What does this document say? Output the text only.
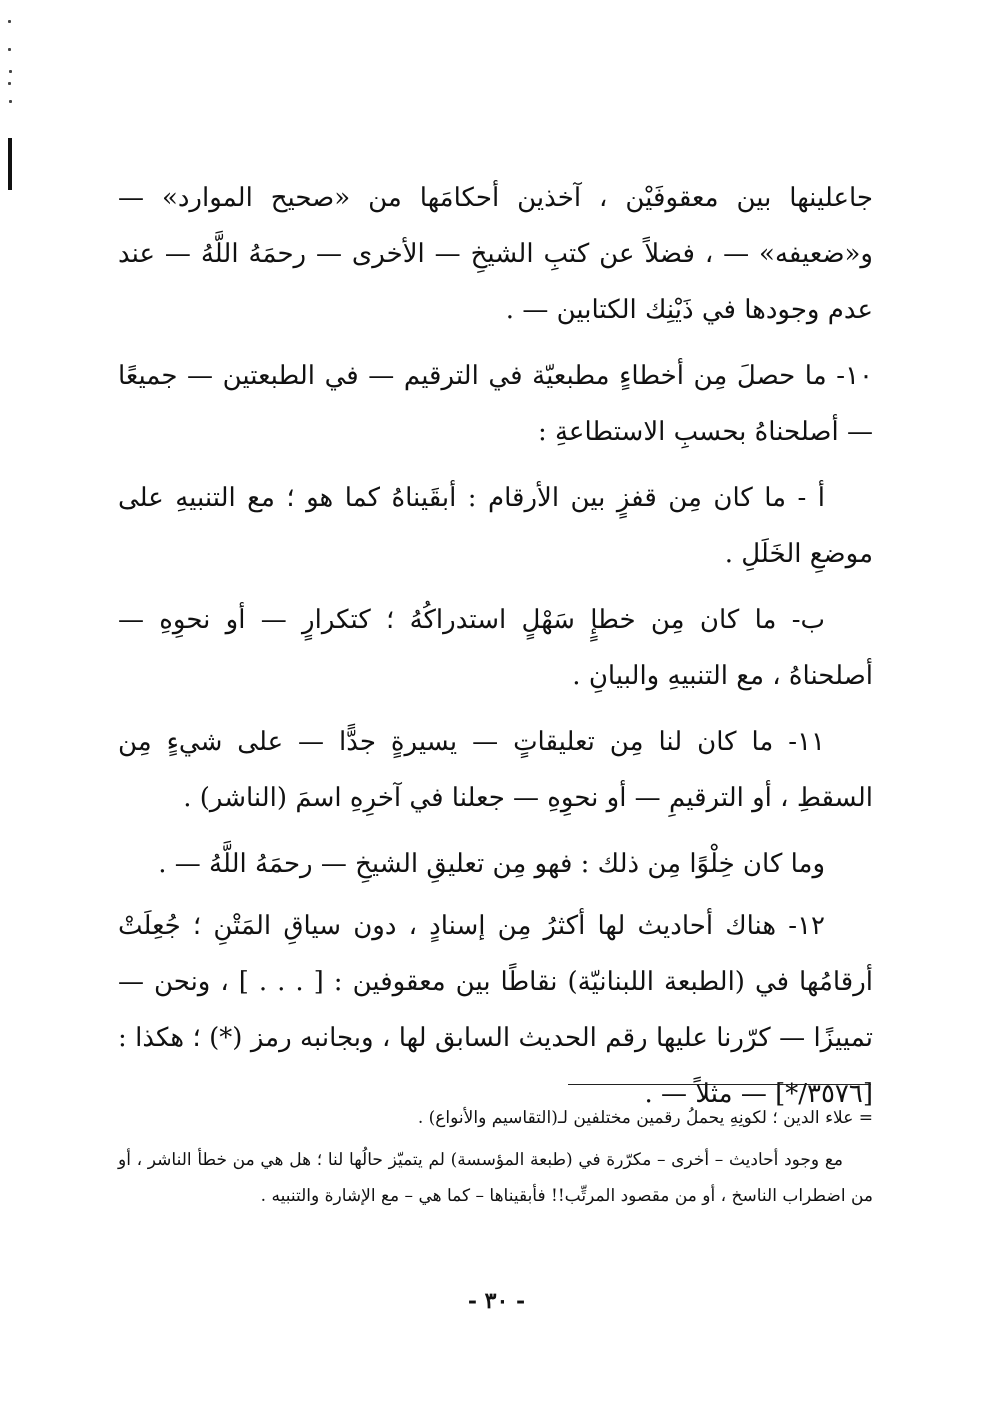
جاعلينها بين معقوفَيْن ، آخذين أحكامَها من «صحيح الموارد» — و«ضعيفه» — ، فضلاً عن كتبِ الشيخِ — الأخرى — رحمَهُ اللَّهُ — عند عدم وجودها في ذَيْنِك الكتابين — .

١٠- ما حصلَ مِن أخطاءٍ مطبعيّة في الترقيم — في الطبعتين — جميعًا — أصلحناهُ بحسبِ الاستطاعةِ :

أ - ما كان مِن قفزٍ بين الأرقام : أبقَيناهُ كما هو ؛ مع التنبيهِ على موضعِ الخَلَلِ .

ب- ما كان مِن خطإٍ سَهْلٍ استدراكُهُ ؛ كتكرارٍ — أو نحوِهِ — أصلحناهُ ، مع التنبيهِ والبيانِ .

١١- ما كان لنا مِن تعليقاتٍ — يسيرةٍ جدًّا — على شيءٍ مِن السقطِ ، أو الترقيمِ — أو نحوِهِ — جعلنا في آخرِهِ اسمَ (الناشر) .

وما كان خِلْوًا مِن ذلك : فهو مِن تعليقِ الشيخِ — رحمَهُ اللَّهُ — .

١٢- هناك أحاديث لها أكثرُ مِن إسنادٍ ، دون سياقِ المَتْنِ ؛ جُعِلَتْ أرقامُها في (الطبعة اللبنانيّة) نقاطًا بين معقوفين : [ . . . ] ، ونحن — تمييزًا — كرّرنا عليها رقم الحديث السابق لها ، وبجانبه رمز (*) ؛ هكذا : [٣٥٧٦/*] — مثلاً — .

= علاء الدين ؛ لكونِهِ يحملُ رقمين مختلفين لـ(التقاسيم والأنواع) .

مع وجود أحاديث – أخرى – مكرّرة في (طبعة المؤسسة) لم يتميّز حالُها لنا ؛ هل هي من خطأ الناشر ، أو من اضطراب الناسخ ، أو من مقصود المرتِّب!! فأبقيناها – كما هي – مع الإشارة والتنبيه .

- ٣٠ -
